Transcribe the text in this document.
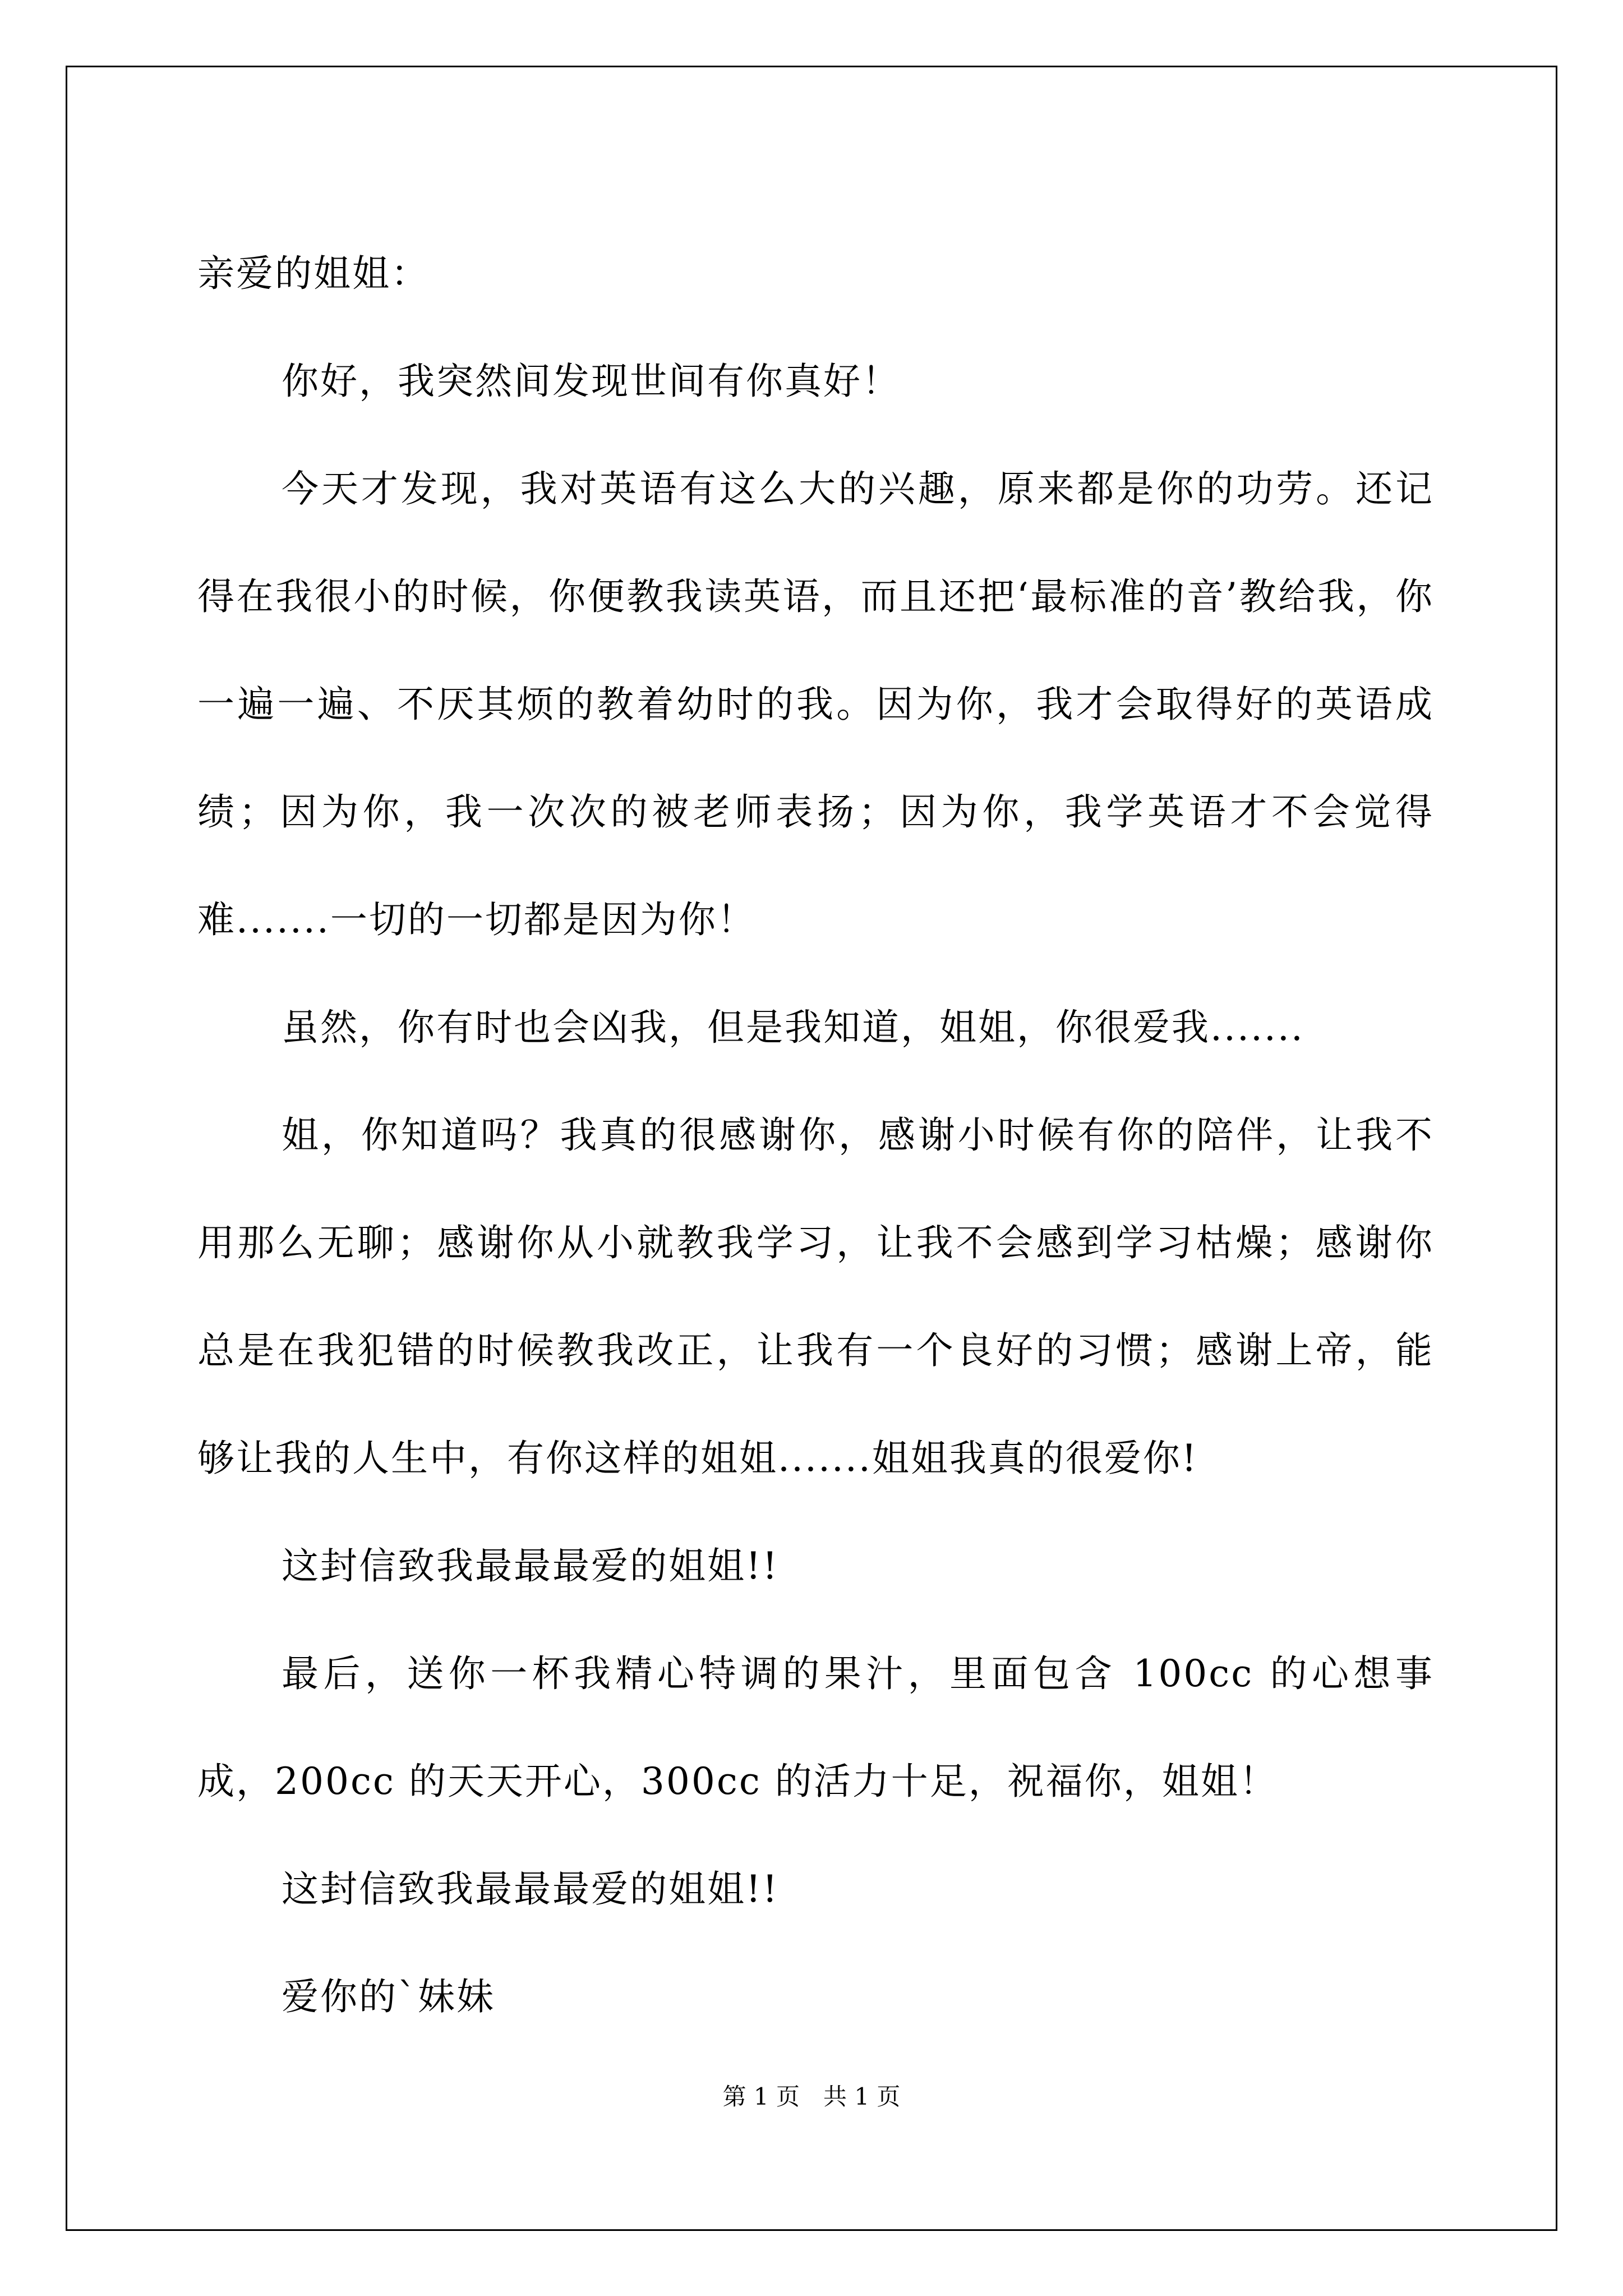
亲爱的姐姐：

你好，我突然间发现世间有你真好！

今天才发现，我对英语有这么大的兴趣，原来都是你的功劳。还记得在我很小的时候，你便教我读英语，而且还把‘最标准的音’教给我，你一遍一遍、不厌其烦的教着幼时的我。因为你，我才会取得好的英语成绩；因为你，我一次次的被老师表扬；因为你，我学英语才不会觉得难.......一切的一切都是因为你！

虽然，你有时也会凶我，但是我知道，姐姐，你很爱我.......

姐，你知道吗？我真的很感谢你，感谢小时候有你的陪伴，让我不用那么无聊；感谢你从小就教我学习，让我不会感到学习枯燥；感谢你总是在我犯错的时候教我改正，让我有一个良好的习惯；感谢上帝，能够让我的人生中，有你这样的姐姐.......姐姐我真的很爱你!

这封信致我最最最爱的姐姐!!

最后，送你一杯我精心特调的果汁，里面包含 100cc 的心想事成，200cc 的天天开心，300cc 的活力十足，祝福你，姐姐！

这封信致我最最最爱的姐姐!!

爱你的`妹妹

第 1 页　共 1 页
